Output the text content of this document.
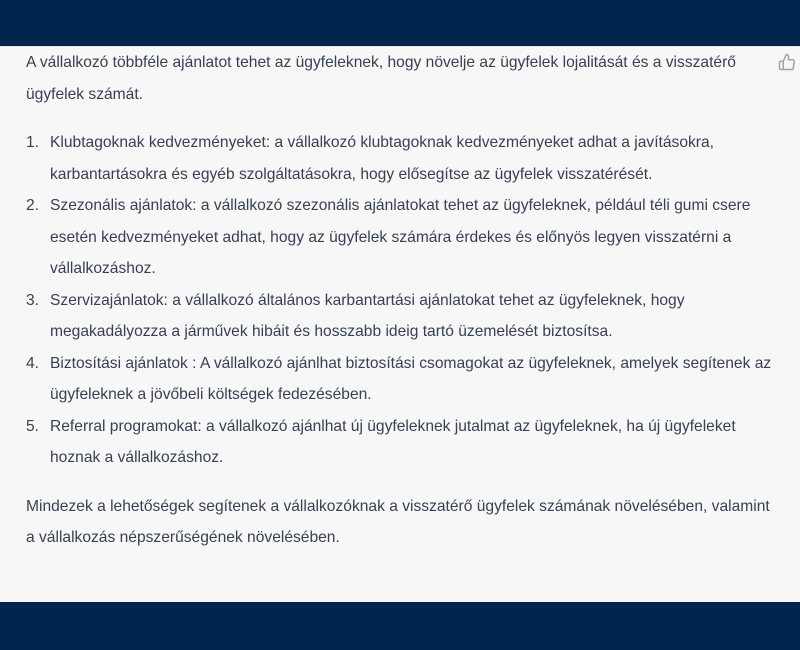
A vállalkozó többféle ajánlatot tehet az ügyfeleknek, hogy növelje az ügyfelek lojalitását és a visszatérő ügyfelek számát.

1. Klubtagoknak kedvezményeket: a vállalkozó klubtagoknak kedvezményeket adhat a javításokra, karbantartásokra és egyéb szolgáltatásokra, hogy elősegítse az ügyfelek visszatérését.
2. Szezonális ajánlatok: a vállalkozó szezonális ajánlatokat tehet az ügyfeleknek, például téli gumi csere esetén kedvezményeket adhat, hogy az ügyfelek számára érdekes és előnyös legyen visszatérni a vállalkozáshoz.
3. Szervizajánlatok: a vállalkozó általános karbantartási ajánlatokat tehet az ügyfeleknek, hogy megakadályozza a járművek hibáit és hosszabb ideig tartó üzemelését biztosítsa.
4. Biztosítási ajánlatok : A vállalkozó ajánlhat biztosítási csomagokat az ügyfeleknek, amelyek segítenek az ügyfeleknek a jövőbeli költségek fedezésében.
5. Referral programokat: a vállalkozó ajánlhat új ügyfeleknek jutalmat az ügyfeleknek, ha új ügyfeleket hoznak a vállalkozáshoz.

Mindezek a lehetőségek segítenek a vállalkozóknak a visszatérő ügyfelek számának növelésében, valamint a vállalkozás népszerűségének növelésében.
